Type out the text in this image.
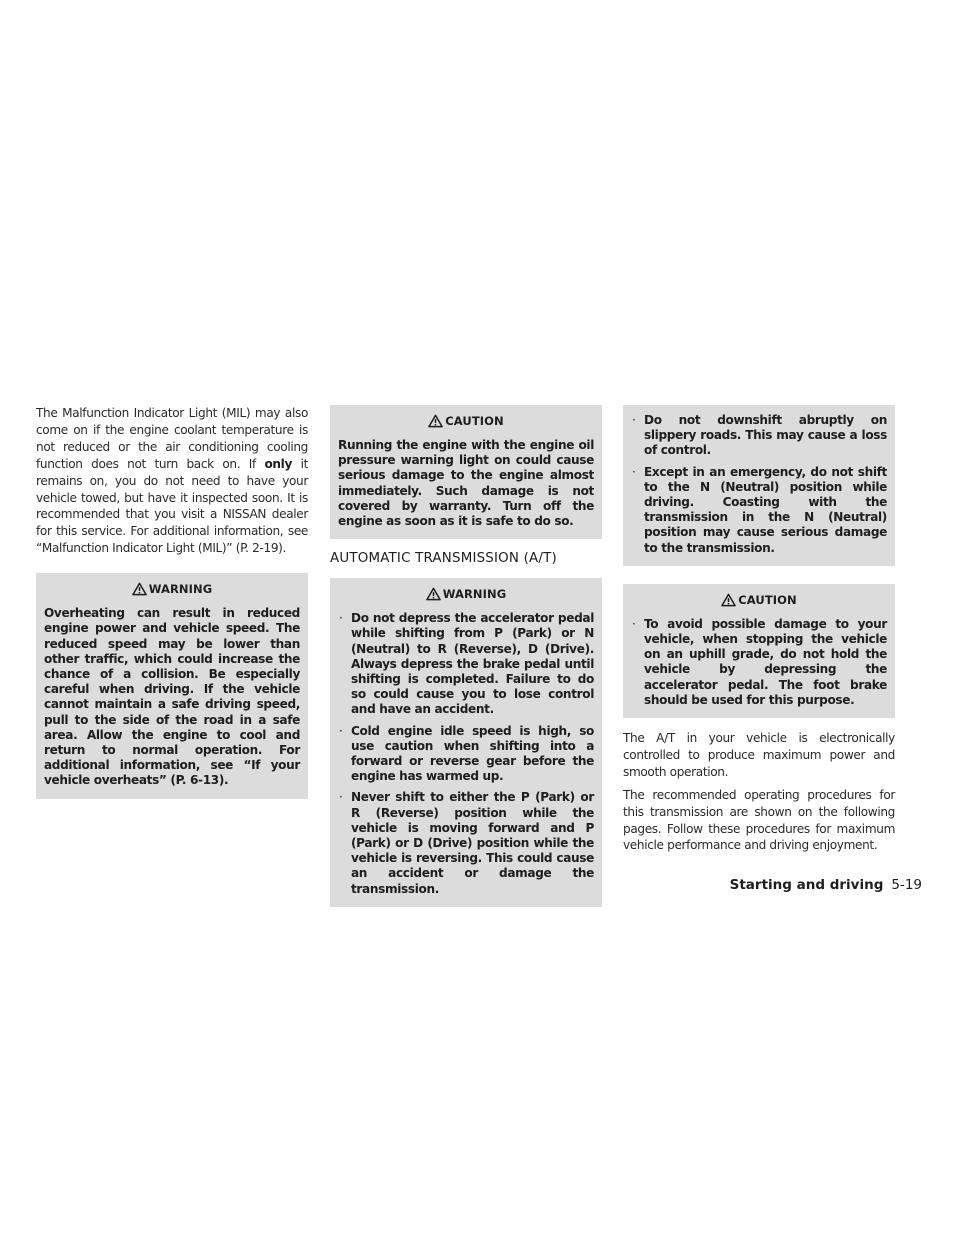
The Malfunction Indicator Light (MIL) may also come on if the engine coolant temperature is not reduced or the air conditioning cooling function does not turn back on. If only it remains on, you do not need to have your vehicle towed, but have it inspected soon. It is recommended that you visit a NISSAN dealer for this service. For additional information, see “Malfunction Indicator Light (MIL)” (P. 2-19).

WARNING
Overheating can result in reduced engine power and vehicle speed. The reduced speed may be lower than other traffic, which could increase the chance of a collision. Be especially careful when driving. If the vehicle cannot maintain a safe driving speed, pull to the side of the road in a safe area. Allow the engine to cool and return to normal operation. For additional information, see “If your vehicle overheats” (P. 6-13).
CAUTION
Running the engine with the engine oil pressure warning light on could cause serious damage to the engine almost immediately. Such damage is not covered by warranty. Turn off the engine as soon as it is safe to do so.
AUTOMATIC TRANSMISSION (A/T)
WARNING
· Do not depress the accelerator pedal while shifting from P (Park) or N (Neutral) to R (Reverse), D (Drive). Always depress the brake pedal until shifting is completed. Failure to do so could cause you to lose control and have an accident.
· Cold engine idle speed is high, so use caution when shifting into a forward or reverse gear before the engine has warmed up.
· Never shift to either the P (Park) or R (Reverse) position while the vehicle is moving forward and P (Park) or D (Drive) position while the vehicle is reversing. This could cause an accident or damage the transmission.
· Do not downshift abruptly on slippery roads. This may cause a loss of control.
· Except in an emergency, do not shift to the N (Neutral) position while driving. Coasting with the transmission in the N (Neutral) position may cause serious damage to the transmission.
CAUTION
· To avoid possible damage to your vehicle, when stopping the vehicle on an uphill grade, do not hold the vehicle by depressing the accelerator pedal. The foot brake should be used for this purpose.

The A/T in your vehicle is electronically controlled to produce maximum power and smooth operation.

The recommended operating procedures for this transmission are shown on the following pages. Follow these procedures for maximum vehicle performance and driving enjoyment.

Starting and driving 5-19
